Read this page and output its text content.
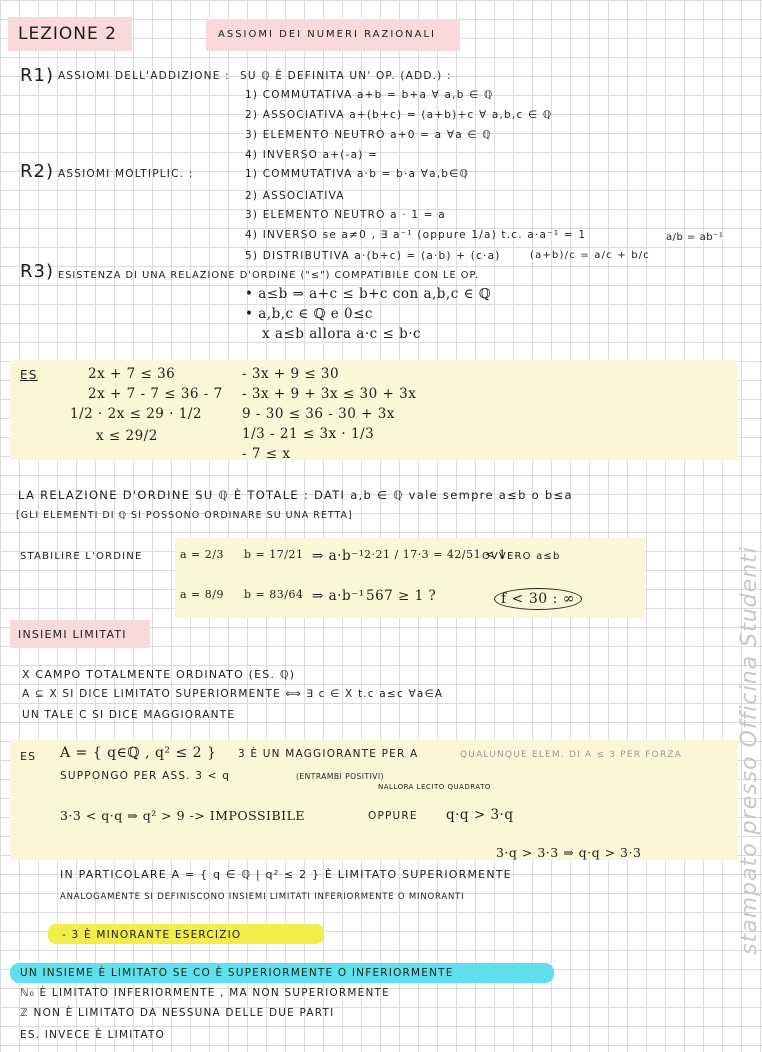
LEZIONE 2	ASSIOMI DEI NUMERI RAZIONALI
R1) ASSIOMI DELL'ADDIZIONE : SU ℚ È DEFINITA UN' OP. (ADD.) :
1) COMMUTATIVA a+b = b+a ∀ a,b ∈ ℚ
2) ASSOCIATIVA a+(b+c) = (a+b)+c ∀ a,b,c ∈ ℚ
3) ELEMENTO NEUTRO a+0 = a ∀a ∈ ℚ
4) INVERSO a+(-a) =
R2) ASSIOMI MOLTIPLIC. :	1) COMMUTATIVA a·b = b·a ∀a,b∈ℚ
2) ASSOCIATIVA
3) ELEMENTO NEUTRO a · 1 = a
4) INVERSO se a≠0 , ∃ a⁻¹ (oppure 1/a) t.c. a·a⁻¹ = 1
5) DISTRIBUTIVA a·(b+c) = (a·b) + (c·a)	(a+b)/c = a/c + b/c
a/b = ab⁻¹
R3) ESISTENZA DI UNA RELAZIONE D'ORDINE ("≤") COMPATIBILE CON LE OP.
• a≤b ⇒ a+c ≤ b+c con a,b,c ∈ ℚ
• a,b,c ∈ ℚ e 0≤c
x a≤b allora a·c ≤ b·c
ES	2x + 7 ≤ 36
2x + 7 - 7 ≤ 36 - 7
1/2 · 2x ≤ 29 · 1/2
x ≤ 29/2
- 3x + 9 ≤ 30
- 3x + 9 + 3x ≤ 30 + 3x
9 - 30 ≤ 36 - 30 + 3x
1/3 - 21 ≤ 3x · 1/3
- 7 ≤ x
LA RELAZIONE D'ORDINE SU ℚ È TOTALE : DATI a,b ∈ ℚ vale sempre a≤b o b≤a
[GLI ELEMENTI DI ℚ SI POSSONO ORDINARE SU UNA RETTA]
STABILIRE L'ORDINE	a = 2/3 b = 17/21 ⇒ a·b⁻¹ 2·21 / 17·3 = 42/51 < 1
OVVERO a≤b
a = 8/9 b = 83/64 ⇒ a·b⁻¹ 567 ≥ 1 ?	f < 30 : ∞
INSIEMI LIMITATI
X CAMPO TOTALMENTE ORDINATO (ES. ℚ)
A ⊆ X SI DICE LIMITATO SUPERIORMENTE ⟺ ∃ c ∈ X t.c a≤c ∀a∈A
UN TALE C SI DICE MAGGIORANTE
ES A = { q∈ℚ , q² ≤ 2 } 3 È UN MAGGIORANTE PER A	QUALUNQUE ELEM. DI A ≤ 3 PER FORZA
SUPPONGO PER ASS. 3 < q	(ENTRAMBI POSITIVI)
NALLORA LECITO QUADRATO
3·3 < q·q ⇒ q² > 9 -> IMPOSSIBILE	OPPURE q·q > 3·q
3·q > 3·3 ⇒ q·q > 3·3
IN PARTICOLARE A = { q ∈ ℚ | q² ≤ 2 } È LIMITATO SUPERIORMENTE
ANALOGAMENTE SI DEFINISCONO INSIEMI LIMITATI INFERIORMENTE O MINORANTI
- 3 È MINORANTE ESERCIZIO
UN INSIEME È LIMITATO SE CO È SUPERIORMENTE O INFERIORMENTE
ℕ₀ È LIMITATO INFERIORMENTE , MA NON SUPERIORMENTE
ℤ NON È LIMITATO DA NESSUNA DELLE DUE PARTI
ES. INVECE È LIMITATO
stampato presso Officina Studenti
